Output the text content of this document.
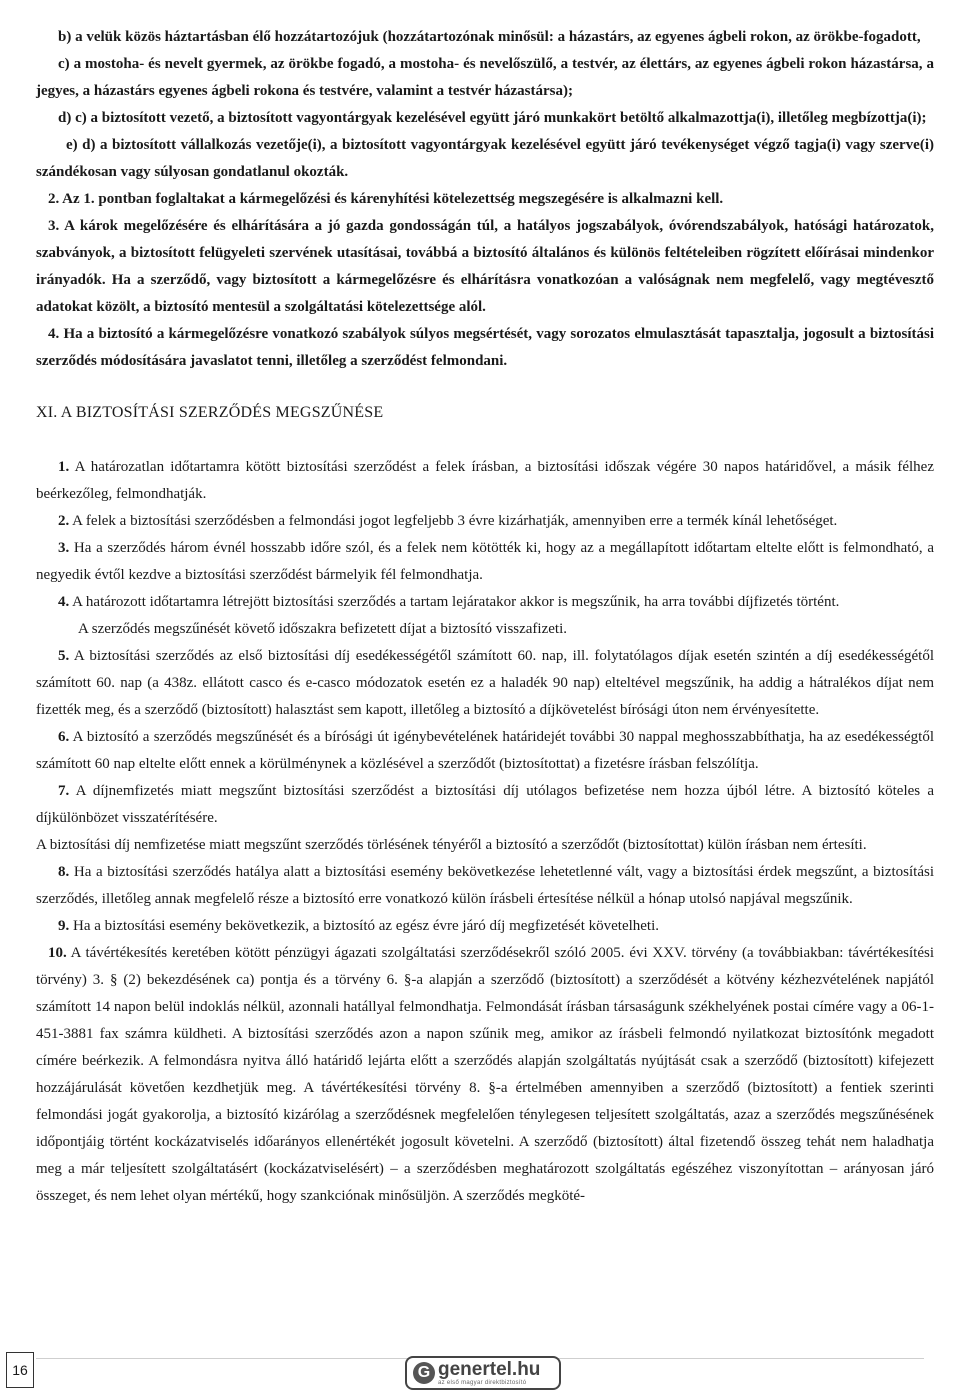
b) a velük közös háztartásban élő hozzátartozójuk (hozzátartozónak minősül: a házastárs, az egyenes ágbeli rokon, az örökbe-fogadott,

c) a mostoha- és nevelt gyermek, az örökbe fogadó, a mostoha- és nevelőszülő, a testvér, az élettárs, az egyenes ágbeli rokon házastársa, a jegyes, a házastárs egyenes ágbeli rokona és testvére, valamint a testvér házastársa);

d) c) a biztosított vezető, a biztosított vagyontárgyak kezelésével együtt járó munkakört betöltő alkalmazottja(i), illetőleg megbízottja(i);

e) d) a biztosított vállalkozás vezetője(i), a biztosított vagyontárgyak kezelésével együtt járó tevékenységet végző tagja(i) vagy szerve(i) szándékosan vagy súlyosan gondatlanul okozták.

2. Az 1. pontban foglaltakat a kármegelőzési és kárenyhítési kötelezettség megszegésére is alkalmazni kell.

3. A károk megelőzésére és elhárítására a jó gazda gondosságán túl, a hatályos jogszabályok, óvórendszabályok, hatósági határozatok, szabványok, a biztosított felügyeleti szervének utasításai, továbbá a biztosító általános és különös feltételeiben rögzített előírásai mindenkor irányadók. Ha a szerződő, vagy biztosított a kármegelőzésre és elhárításra vonatkozóan a valóságnak nem megfelelő, vagy megtévesztő adatokat közölt, a biztosító mentesül a szolgáltatási kötelezettsége alól.

4. Ha a biztosító a kármegelőzésre vonatkozó szabályok súlyos megsértését, vagy sorozatos elmulasztását tapasztalja, jogosult a biztosítási szerződés módosítására javaslatot tenni, illetőleg a szerződést felmondani.

XI. A BIZTOSÍTÁSI SZERZŐDÉS MEGSZŰNÉSE

1. A határozatlan időtartamra kötött biztosítási szerződést a felek írásban, a biztosítási időszak végére 30 napos határidővel, a másik félhez beérkezőleg, felmondhatják.

2. A felek a biztosítási szerződésben a felmondási jogot legfeljebb 3 évre kizárhatják, amennyiben erre a termék kínál lehetőséget.

3. Ha a szerződés három évnél hosszabb időre szól, és a felek nem kötötték ki, hogy az a megállapított időtartam eltelte előtt is felmondható, a negyedik évtől kezdve a biztosítási szerződést bármelyik fél felmondhatja.

4. A határozott időtartamra létrejött biztosítási szerződés a tartam lejáratakor akkor is megszűnik, ha arra további díjfizetés történt.

A szerződés megszűnését követő időszakra befizetett díjat a biztosító visszafizeti.

5. A biztosítási szerződés az első biztosítási díj esedékességétől számított 60. nap, ill. folytatólagos díjak esetén szintén a díj esedékességétől számított 60. nap (a 438z. ellátott casco és e-casco módozatok esetén ez a haladék 90 nap) elteltével megszűnik, ha addig a hátralékos díjat nem fizették meg, és a szerződő (biztosított) halasztást sem kapott, illetőleg a biztosító a díjkövetelést bírósági úton nem érvényesítette.

6. A biztosító a szerződés megszűnését és a bírósági út igénybevételének határidejét további 30 nappal meghosszabbíthatja, ha az esedékességtől számított 60 nap eltelte előtt ennek a körülménynek a közlésével a szerződőt (biztosítottat) a fizetésre írásban felszólítja.

7. A díjnemfizetés miatt megszűnt biztosítási szerződést a biztosítási díj utólagos befizetése nem hozza újból létre. A biztosító köteles a díjkülönbözet visszatérítésére.

A biztosítási díj nemfizetése miatt megszűnt szerződés törlésének tényéről a biztosító a szerződőt (biztosítottat) külön írásban nem értesíti.

8. Ha a biztosítási szerződés hatálya alatt a biztosítási esemény bekövetkezése lehetetlenné vált, vagy a biztosítási érdek megszűnt, a biztosítási szerződés, illetőleg annak megfelelő része a biztosító erre vonatkozó külön írásbeli értesítése nélkül a hónap utolsó napjával megszűnik.

9. Ha a biztosítási esemény bekövetkezik, a biztosító az egész évre járó díj megfizetését követelheti.

10. A távértékesítés keretében kötött pénzügyi ágazati szolgáltatási szerződésekről szóló 2005. évi XXV. törvény (a továbbiakban: távértékesítési törvény) 3. § (2) bekezdésének ca) pontja és a törvény 6. §-a alapján a szerződő (biztosított) a szerződését a kötvény kézhezvételének napjától számított 14 napon belül indoklás nélkül, azonnali hatállyal felmondhatja. Felmondását írásban társaságunk székhelyének postai címére vagy a 06-1-451-3881 fax számra küldheti. A biztosítási szerződés azon a napon szűnik meg, amikor az írásbeli felmondó nyilatkozat biztosítónk megadott címére beérkezik. A felmondásra nyitva álló határidő lejárta előtt a szerződés alapján szolgáltatás nyújtását csak a szerződő (biztosított) kifejezett hozzájárulását követően kezdhetjük meg. A távértékesítési törvény 8. §-a értelmében amennyiben a szerződő (biztosított) a fentiek szerinti felmondási jogát gyakorolja, a biztosító kizárólag a szerződésnek megfelelően ténylegesen teljesített szolgáltatás, azaz a szerződés megszűnésének időpontjáig történt kockázatviselés időarányos ellenértékét jogosult követelni. A szerződő (biztosított) által fizetendő összeg tehát nem haladhatja meg a már teljesített szolgáltatásért (kockázatviselésért) – a szerződésben meghatározott szolgáltatás egészéhez viszonyítottan – arányosan járó összeget, és nem lehet olyan mértékű, hogy szankciónak minősüljön. A szerződés megköté-

16	G genertel.hu
az első magyar direktbiztosító
